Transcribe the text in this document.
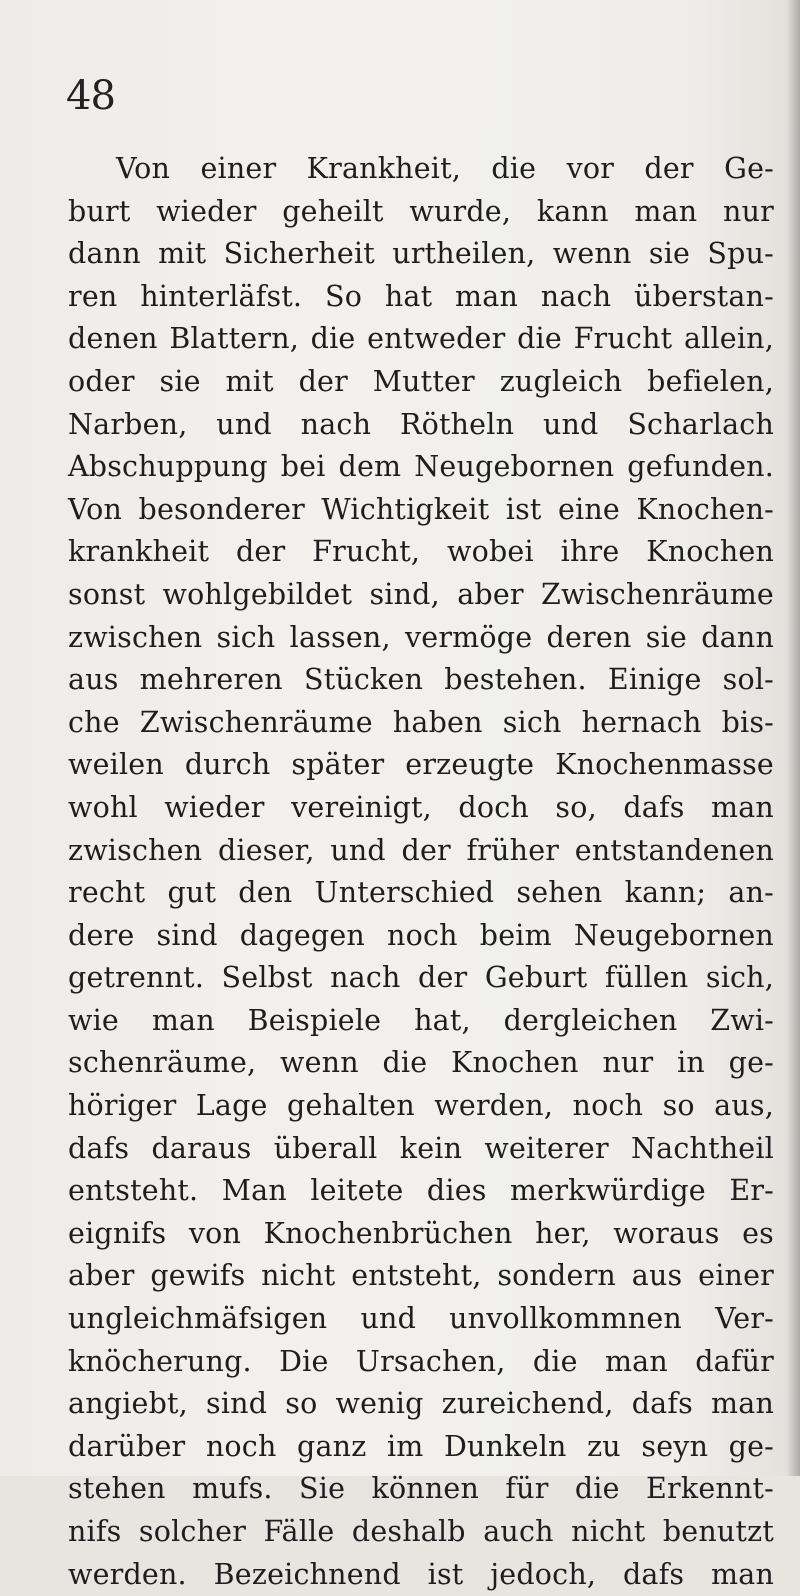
48
Von einer Krankheit, die vor der Ge-
burt wieder geheilt wurde, kann man nur
dann mit Sicherheit urtheilen, wenn sie Spu-
ren hinterläfst. So hat man nach überstan-
denen Blattern, die entweder die Frucht allein,
oder sie mit der Mutter zugleich befielen,
Narben, und nach Rötheln und Scharlach
Abschuppung bei dem Neugebornen gefunden.
Von besonderer Wichtigkeit ist eine Knochen-
krankheit der Frucht, wobei ihre Knochen
sonst wohlgebildet sind, aber Zwischenräume
zwischen sich lassen, vermöge deren sie dann
aus mehreren Stücken bestehen. Einige sol-
che Zwischenräume haben sich hernach bis-
weilen durch später erzeugte Knochenmasse
wohl wieder vereinigt, doch so, dafs man
zwischen dieser, und der früher entstandenen
recht gut den Unterschied sehen kann; an-
dere sind dagegen noch beim Neugebornen
getrennt. Selbst nach der Geburt füllen sich,
wie man Beispiele hat, dergleichen Zwi-
schenräume, wenn die Knochen nur in ge-
höriger Lage gehalten werden, noch so aus,
dafs daraus überall kein weiterer Nachtheil
entsteht. Man leitete dies merkwürdige Er-
eignifs von Knochenbrüchen her, woraus es
aber gewifs nicht entsteht, sondern aus einer
ungleichmäfsigen und unvollkommnen Ver-
knöcherung. Die Ursachen, die man dafür
angiebt, sind so wenig zureichend, dafs man
darüber noch ganz im Dunkeln zu seyn ge-
stehen mufs. Sie können für die Erkennt-
nifs solcher Fälle deshalb auch nicht benutzt
werden. Bezeichnend ist jedoch, dafs man
